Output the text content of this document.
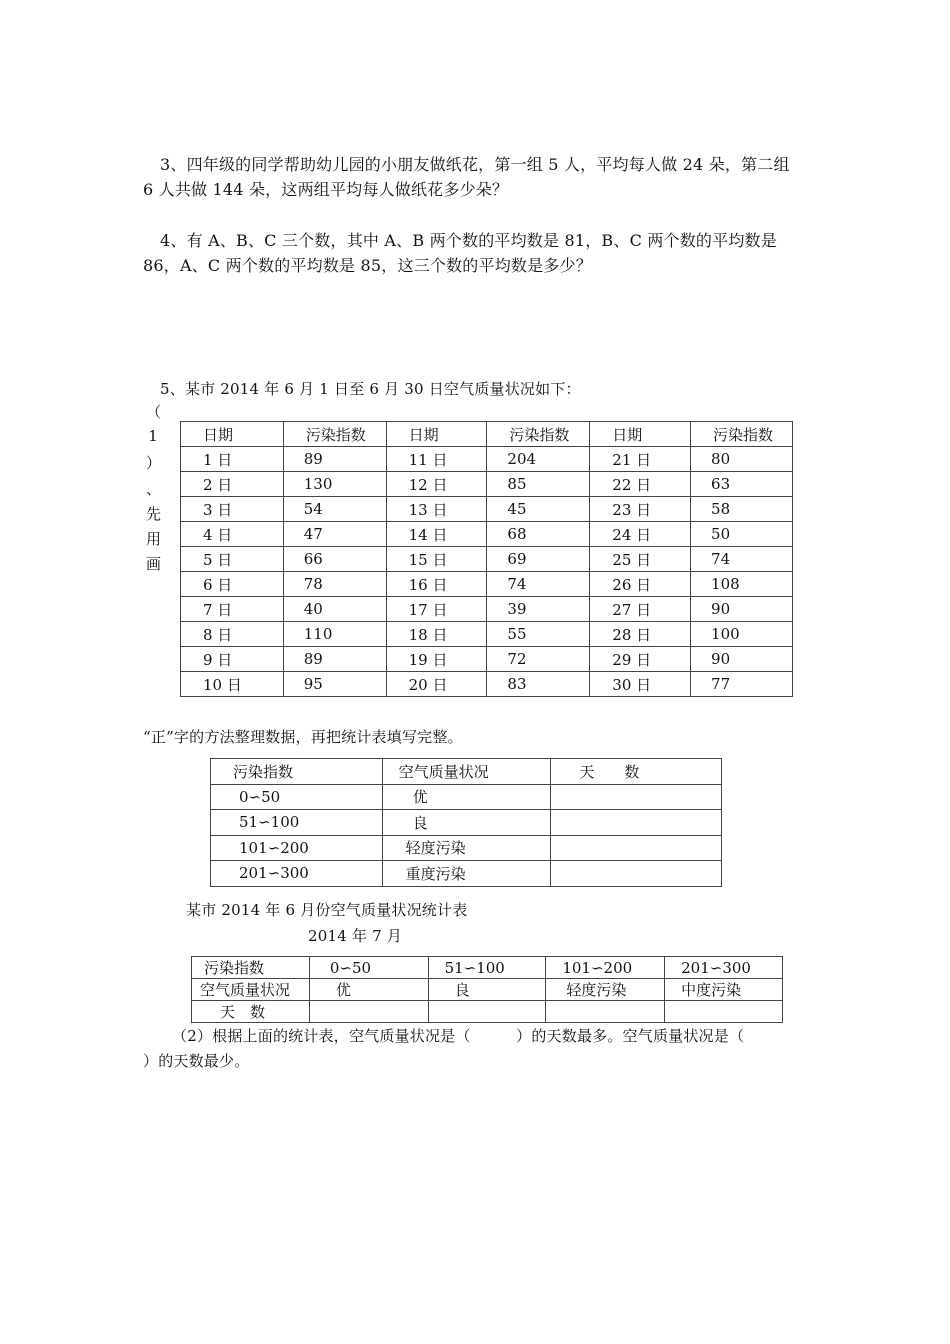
3、四年级的同学帮助幼儿园的小朋友做纸花，第一组 5 人，平均每人做 24 朵，第二组
6 人共做 144 朵，这两组平均每人做纸花多少朵？
4、有 A、B、C 三个数，其中 A、B 两个数的平均数是 81，B、C 两个数的平均数是
86，A、C 两个数的平均数是 85，这三个数的平均数是多少？
5、某市 2014 年 6 月 1 日至 6 月 30 日空气质量状况如下：
（
1
）
、
先
用
画
日期	污染指数	日期	污染指数	日期	污染指数
1 日	89	11 日	204	21 日	80
2 日	130	12 日	85	22 日	63
3 日	54	13 日	45	23 日	58
4 日	47	14 日	68	24 日	50
5 日	66	15 日	69	25 日	74
6 日	78	16 日	74	26 日	108
7 日	40	17 日	39	27 日	90
8 日	110	18 日	55	28 日	100
9 日	89	19 日	72	29 日	90
10 日	95	20 日	83	30 日	77
“正”字的方法整理数据，再把统计表填写完整。
污染指数	空气质量状况	天　　数
0∽50	优	
51∽100	良	
101∽200	轻度污染	
201∽300	重度污染	
某市 2014 年 6 月份空气质量状况统计表
2014 年 7 月
污染指数	0∽50	51∽100	101∽200	201∽300
空气质量状况	优	良	轻度污染	中度污染
天　数				
（2）根据上面的统计表，空气质量状况是（　　　）的天数最多。空气质量状况是（
）的天数最少。
